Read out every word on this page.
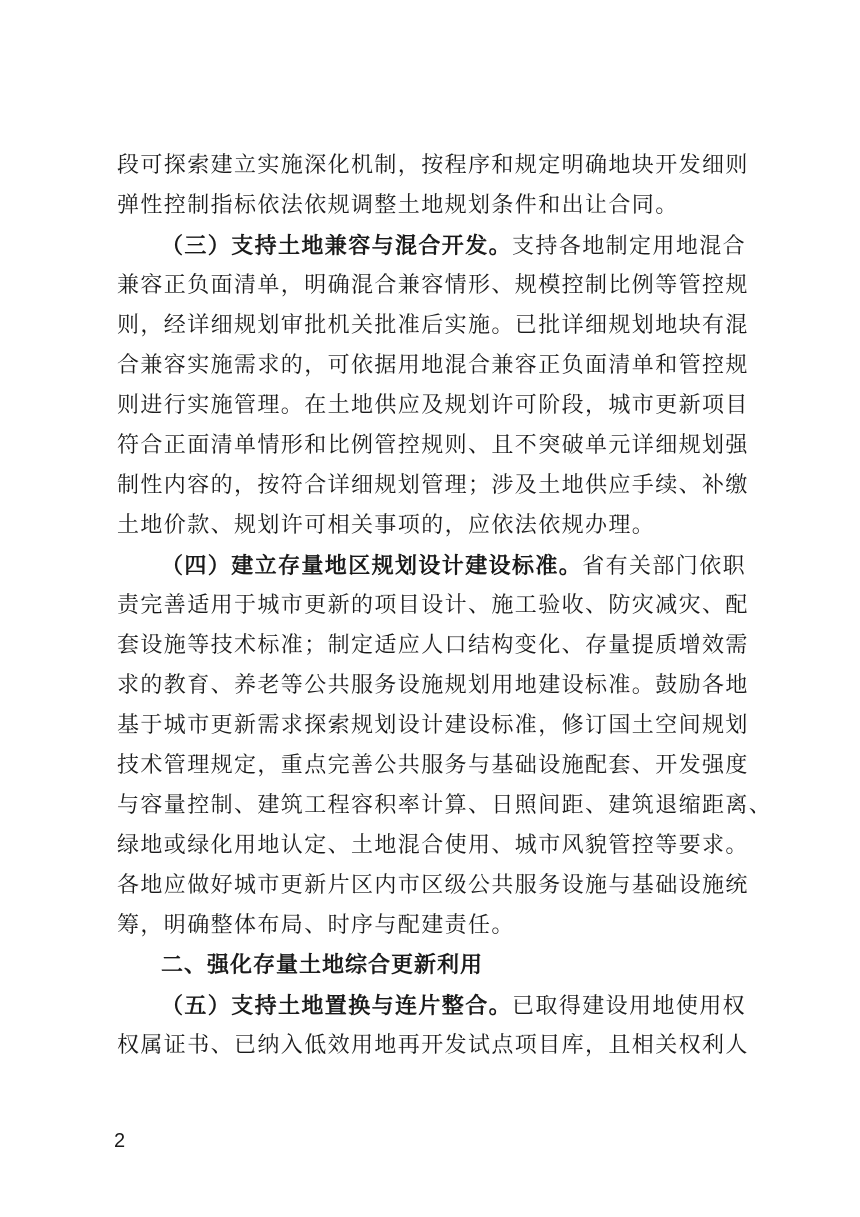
段可探索建立实施深化机制，按程序和规定明确地块开发细则
弹性控制指标依法依规调整土地规划条件和出让合同。
（三）支持土地兼容与混合开发。支持各地制定用地混合
兼容正负面清单，明确混合兼容情形、规模控制比例等管控规
则，经详细规划审批机关批准后实施。已批详细规划地块有混
合兼容实施需求的，可依据用地混合兼容正负面清单和管控规
则进行实施管理。在土地供应及规划许可阶段，城市更新项目
符合正面清单情形和比例管控规则、且不突破单元详细规划强
制性内容的，按符合详细规划管理；涉及土地供应手续、补缴
土地价款、规划许可相关事项的，应依法依规办理。
（四）建立存量地区规划设计建设标准。省有关部门依职
责完善适用于城市更新的项目设计、施工验收、防灾减灾、配
套设施等技术标准；制定适应人口结构变化、存量提质增效需
求的教育、养老等公共服务设施规划用地建设标准。鼓励各地
基于城市更新需求探索规划设计建设标准，修订国土空间规划
技术管理规定，重点完善公共服务与基础设施配套、开发强度
与容量控制、建筑工程容积率计算、日照间距、建筑退缩距离、
绿地或绿化用地认定、土地混合使用、城市风貌管控等要求。
各地应做好城市更新片区内市区级公共服务设施与基础设施统
筹，明确整体布局、时序与配建责任。
二、强化存量土地综合更新利用
（五）支持土地置换与连片整合。已取得建设用地使用权
权属证书、已纳入低效用地再开发试点项目库，且相关权利人
2
